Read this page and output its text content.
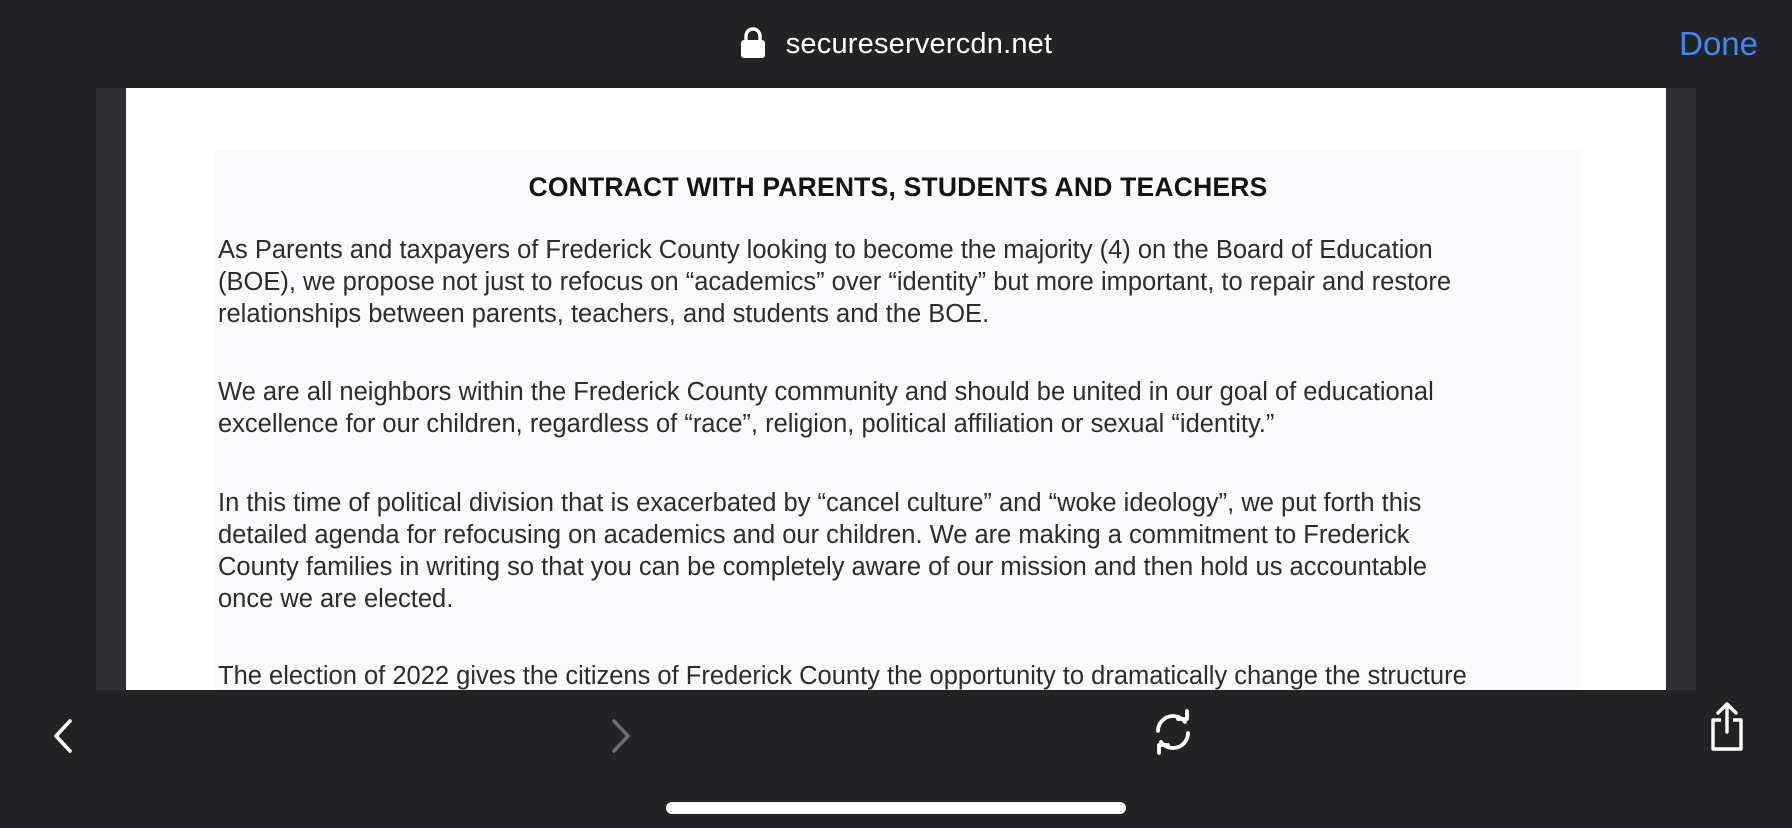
secureservercdn.net	Done
CONTRACT WITH PARENTS, STUDENTS AND TEACHERS
As Parents and taxpayers of Frederick County looking to become the majority (4) on the Board of Education
(BOE), we propose not just to refocus on “academics” over “identity” but more important, to repair and restore
relationships between parents, teachers, and students and the BOE.
We are all neighbors within the Frederick County community and should be united in our goal of educational
excellence for our children, regardless of “race”, religion, political affiliation or sexual “identity.”
In this time of political division that is exacerbated by “cancel culture” and “woke ideology”, we put forth this
detailed agenda for refocusing on academics and our children. We are making a commitment to Frederick
County families in writing so that you can be completely aware of our mission and then hold us accountable
once we are elected.
The election of 2022 gives the citizens of Frederick County the opportunity to dramatically change the structure
